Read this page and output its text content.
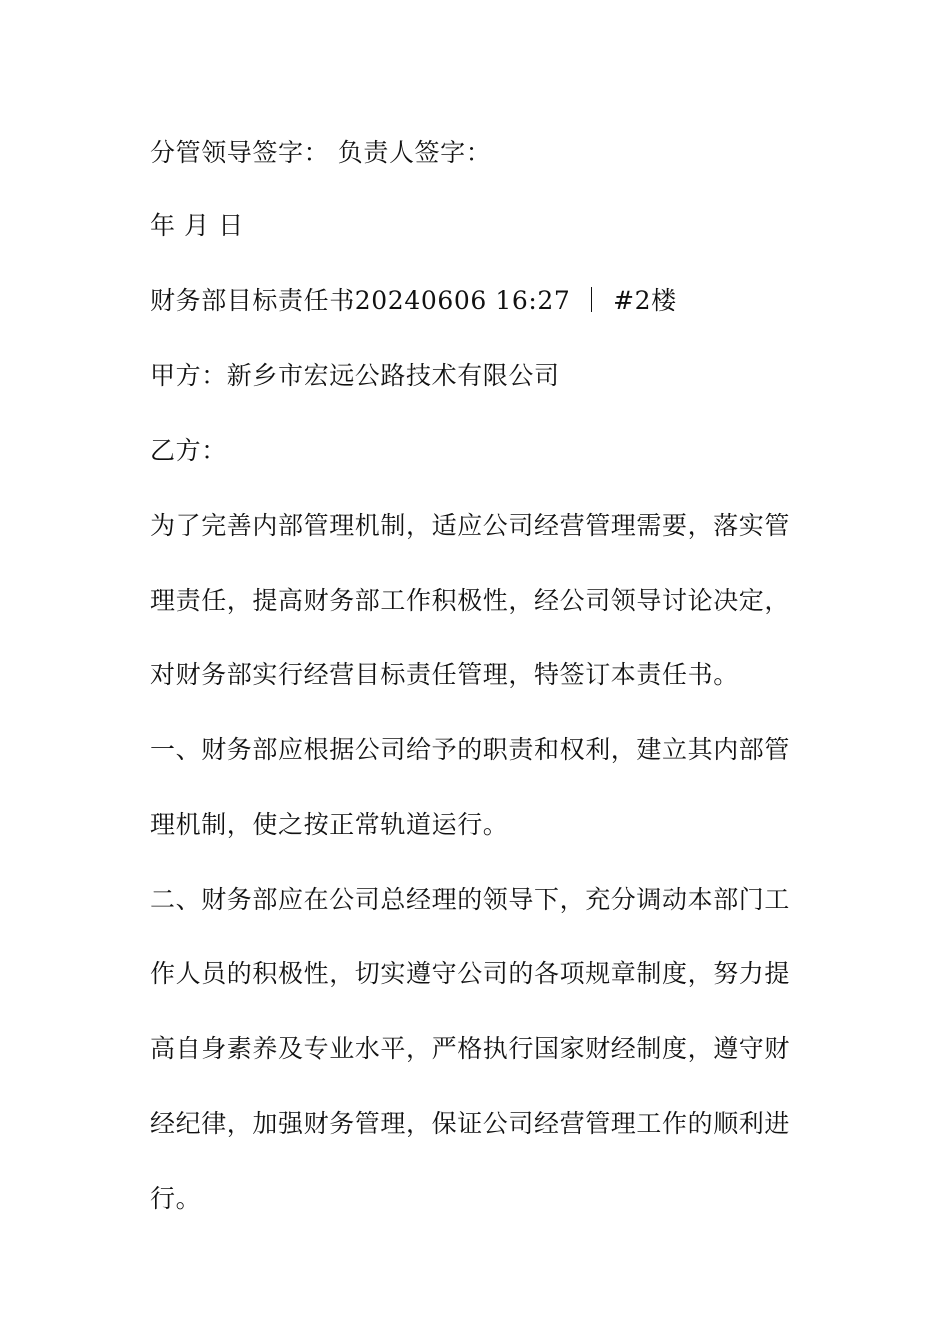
分管领导签字： 负责人签字：
年 月 日
财务部目标责任书20240606 16:27 ｜ #2楼
甲方：新乡市宏远公路技术有限公司
乙方：
为了完善内部管理机制，适应公司经营管理需要，落实管
理责任，提高财务部工作积极性，经公司领导讨论决定，
对财务部实行经营目标责任管理，特签订本责任书。
一、财务部应根据公司给予的职责和权利，建立其内部管
理机制，使之按正常轨道运行。
二、财务部应在公司总经理的领导下，充分调动本部门工
作人员的积极性，切实遵守公司的各项规章制度，努力提
高自身素养及专业水平，严格执行国家财经制度，遵守财
经纪律，加强财务管理，保证公司经营管理工作的顺利进
行。
